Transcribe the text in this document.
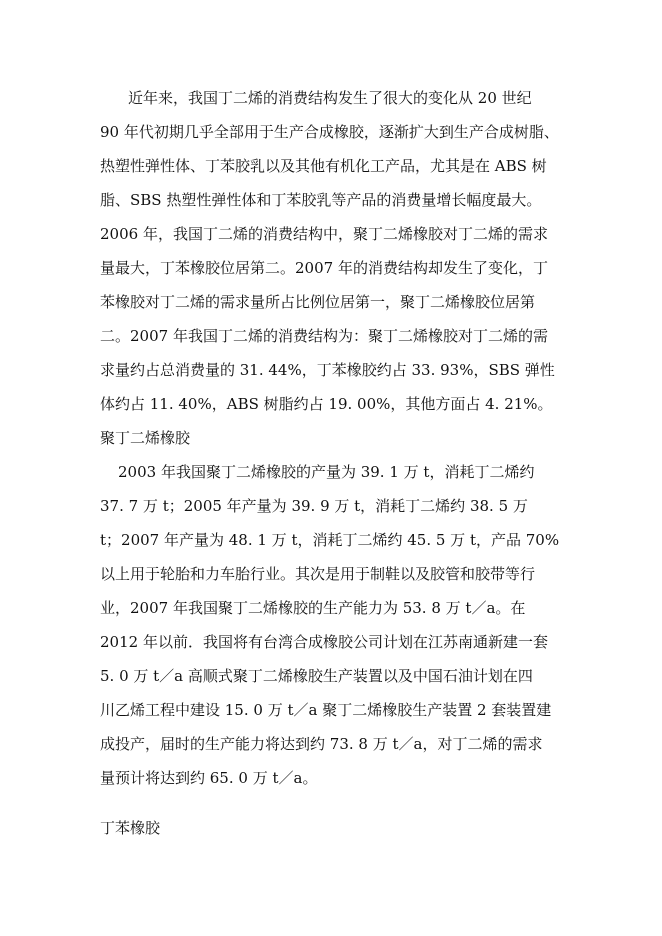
近年来，我国丁二烯的消费结构发生了很大的变化从 20 世纪
90 年代初期几乎全部用于生产合成橡胶，逐渐扩大到生产合成树脂、
热塑性弹性体、丁苯胶乳以及其他有机化工产品，尤其是在 ABS 树
脂、SBS 热塑性弹性体和丁苯胶乳等产品的消费量增长幅度最大。
2006 年，我国丁二烯的消费结构中，聚丁二烯橡胶对丁二烯的需求
量最大，丁苯橡胶位居第二。2007 年的消费结构却发生了变化，丁
苯橡胶对丁二烯的需求量所占比例位居第一，聚丁二烯橡胶位居第
二。2007 年我国丁二烯的消费结构为：聚丁二烯橡胶对丁二烯的需
求量约占总消费量的 31. 44%，丁苯橡胶约占 33. 93%，SBS 弹性
体约占 11. 40%，ABS 树脂约占 19. 00%，其他方面占 4. 21%。
聚丁二烯橡胶
2003 年我国聚丁二烯橡胶的产量为 39. 1 万 t，消耗丁二烯约
37. 7 万 t；2005 年产量为 39. 9 万 t，消耗丁二烯约 38. 5 万
t；2007 年产量为 48. 1 万 t，消耗丁二烯约 45. 5 万 t，产品 70%
以上用于轮胎和力车胎行业。其次是用于制鞋以及胶管和胶带等行
业，2007 年我国聚丁二烯橡胶的生产能力为 53. 8 万 t／a。在
2012 年以前．我国将有台湾合成橡胶公司计划在江苏南通新建一套
5. 0 万 t／a 高顺式聚丁二烯橡胶生产装置以及中国石油计划在四
川乙烯工程中建设 15. 0 万 t／a 聚丁二烯橡胶生产装置 2 套装置建
成投产，届时的生产能力将达到约 73. 8 万 t／a，对丁二烯的需求
量预计将达到约 65. 0 万 t／a。
丁苯橡胶
